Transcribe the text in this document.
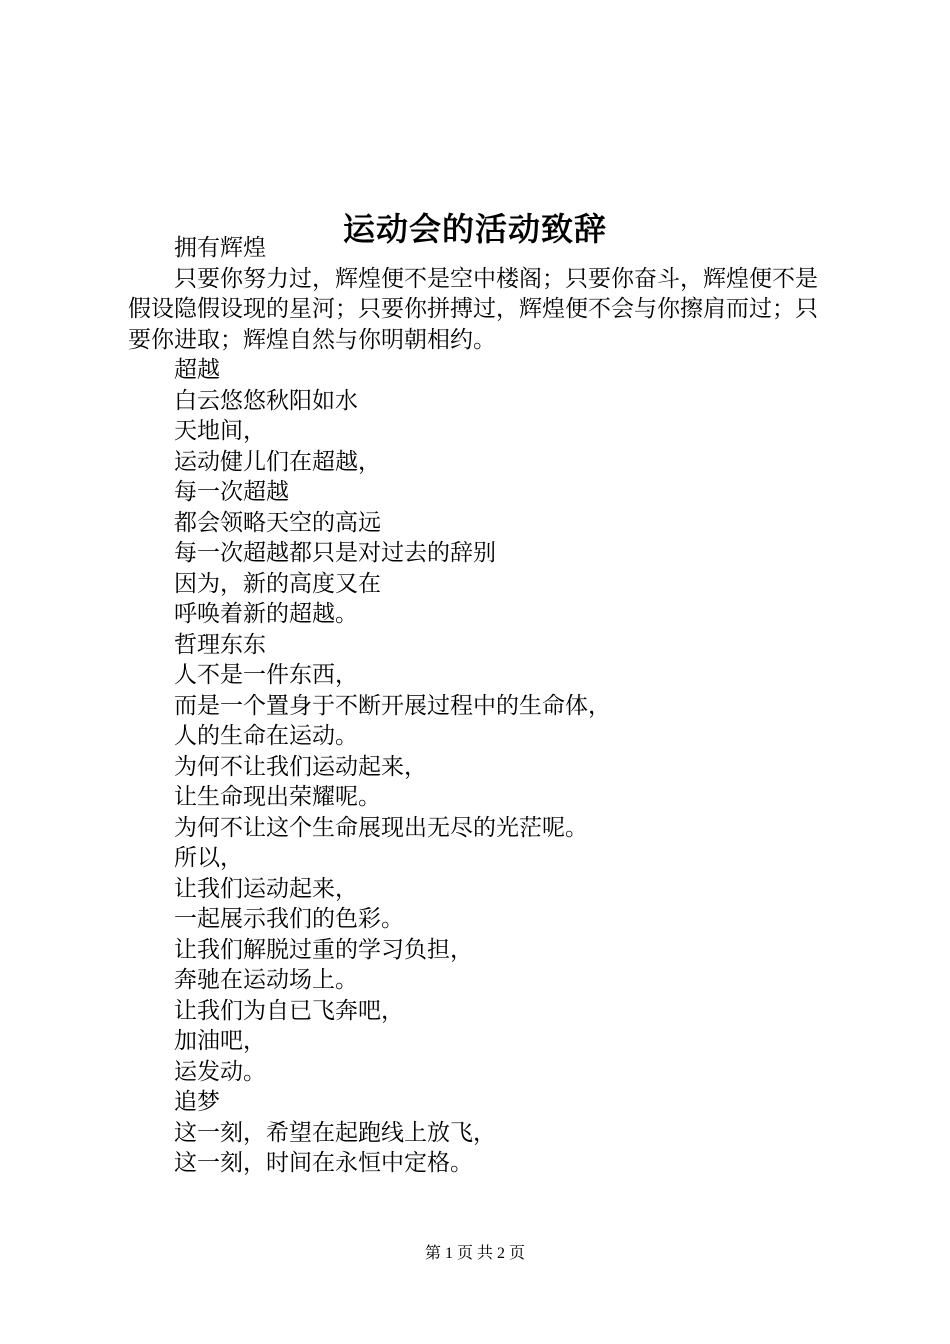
运动会的活动致辞

拥有辉煌

只要你努力过，辉煌便不是空中楼阁；只要你奋斗，辉煌便不是假设隐假设现的星河；只要你拼搏过，辉煌便不会与你擦肩而过；只要你进取；辉煌自然与你明朝相约。

超越

白云悠悠秋阳如水

天地间，

运动健儿们在超越，

每一次超越

都会领略天空的高远

每一次超越都只是对过去的辞别

因为，新的高度又在

呼唤着新的超越。

哲理东东

人不是一件东西，

而是一个置身于不断开展过程中的生命体，

人的生命在运动。

为何不让我们运动起来，

让生命现出荣耀呢。

为何不让这个生命展现出无尽的光茫呢。

所以，

让我们运动起来，

一起展示我们的色彩。

让我们解脱过重的学习负担，

奔驰在运动场上。

让我们为自已飞奔吧，

加油吧，

运发动。

追梦

这一刻，希望在起跑线上放飞，

这一刻，时间在永恒中定格。

第 1 页 共 2 页
